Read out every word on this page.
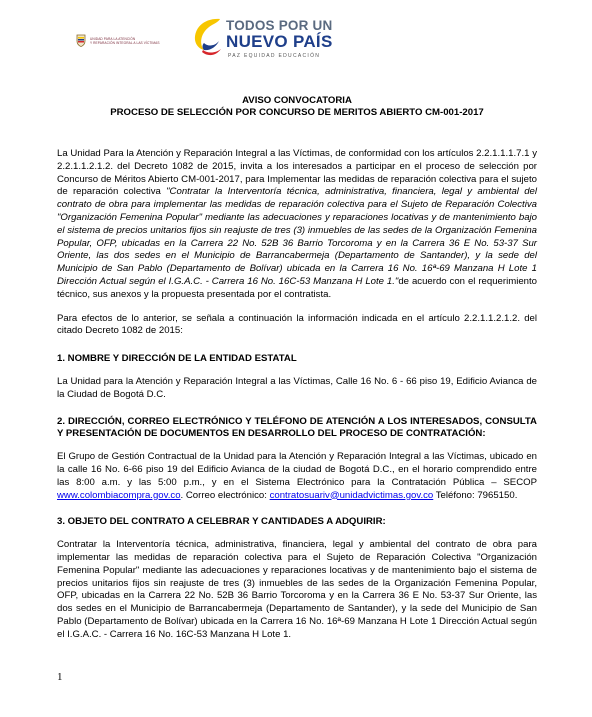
UNIDAD PARA LA ATENCIÓN
Y REPARACIÓN INTEGRAL A LAS VÍCTIMAS
TODOS POR UN
NUEVO PAÍS
PAZ EQUIDAD EDUCACIÓN
AVISO CONVOCATORIA
PROCESO DE SELECCIÓN POR CONCURSO DE MERITOS ABIERTO CM-001-2017

La Unidad Para la Atención y Reparación Integral a las Víctimas, de conformidad con los artículos 2.2.1.1.1.7.1 y 2.2.1.1.2.1.2. del Decreto 1082 de 2015, invita a los interesados a participar en el proceso de selección por Concurso de Méritos Abierto CM-001-2017, para Implementar las medidas de reparación colectiva para el sujeto de reparación colectiva "Contratar la Interventoría técnica, administrativa, financiera, legal y ambiental del contrato de obra para implementar las medidas de reparación colectiva para el Sujeto de Reparación Colectiva "Organización Femenina Popular" mediante las adecuaciones y reparaciones locativas y de mantenimiento bajo el sistema de precios unitarios fijos sin reajuste de tres (3) inmuebles de las sedes de la Organización Femenina Popular, OFP, ubicadas en la Carrera 22 No. 52B 36 Barrio Torcoroma y en la Carrera 36 E No. 53-37 Sur Oriente, las dos sedes en el Municipio de Barrancabermeja (Departamento de Santander), y la sede del Municipio de San Pablo (Departamento de Bolívar) ubicada en la Carrera 16 No. 16ª-69 Manzana H Lote 1 Dirección Actual según el I.G.A.C. - Carrera 16 No. 16C-53 Manzana H Lote 1."de acuerdo con el requerimiento técnico, sus anexos y la propuesta presentada por el contratista.

Para efectos de lo anterior, se señala a continuación la información indicada en el artículo 2.2.1.1.2.1.2. del citado Decreto 1082 de 2015:

1. NOMBRE Y DIRECCIÓN DE LA ENTIDAD ESTATAL

La Unidad para la Atención y Reparación Integral a las Víctimas, Calle 16 No. 6 - 66 piso 19, Edificio Avianca de la Ciudad de Bogotá D.C.

2. DIRECCIÓN, CORREO ELECTRÓNICO Y TELÉFONO DE ATENCIÓN A LOS INTERESADOS, CONSULTA Y PRESENTACIÓN DE DOCUMENTOS EN DESARROLLO DEL PROCESO DE CONTRATACIÓN:

El Grupo de Gestión Contractual de la Unidad para la Atención y Reparación Integral a las Víctimas, ubicado en la calle 16 No. 6-66 piso 19 del Edificio Avianca de la ciudad de Bogotá D.C., en el horario comprendido entre las 8:00 a.m. y las 5:00 p.m., y en el Sistema Electrónico para la Contratación Pública – SECOP www.colombiacompra.gov.co. Correo electrónico: contratosuariv@unidadvictimas.gov.co Teléfono: 7965150.

3. OBJETO DEL CONTRATO A CELEBRAR Y CANTIDADES A ADQUIRIR:

Contratar la Interventoría técnica, administrativa, financiera, legal y ambiental del contrato de obra para implementar las medidas de reparación colectiva para el Sujeto de Reparación Colectiva "Organización Femenina Popular" mediante las adecuaciones y reparaciones locativas y de mantenimiento bajo el sistema de precios unitarios fijos sin reajuste de tres (3) inmuebles de las sedes de la Organización Femenina Popular, OFP, ubicadas en la Carrera 22 No. 52B 36 Barrio Torcoroma y en la Carrera 36 E No. 53-37 Sur Oriente, las dos sedes en el Municipio de Barrancabermeja (Departamento de Santander), y la sede del Municipio de San Pablo (Departamento de Bolívar) ubicada en la Carrera 16 No. 16ª-69 Manzana H Lote 1 Dirección Actual según el I.G.A.C. - Carrera 16 No. 16C-53 Manzana H Lote 1.

1
